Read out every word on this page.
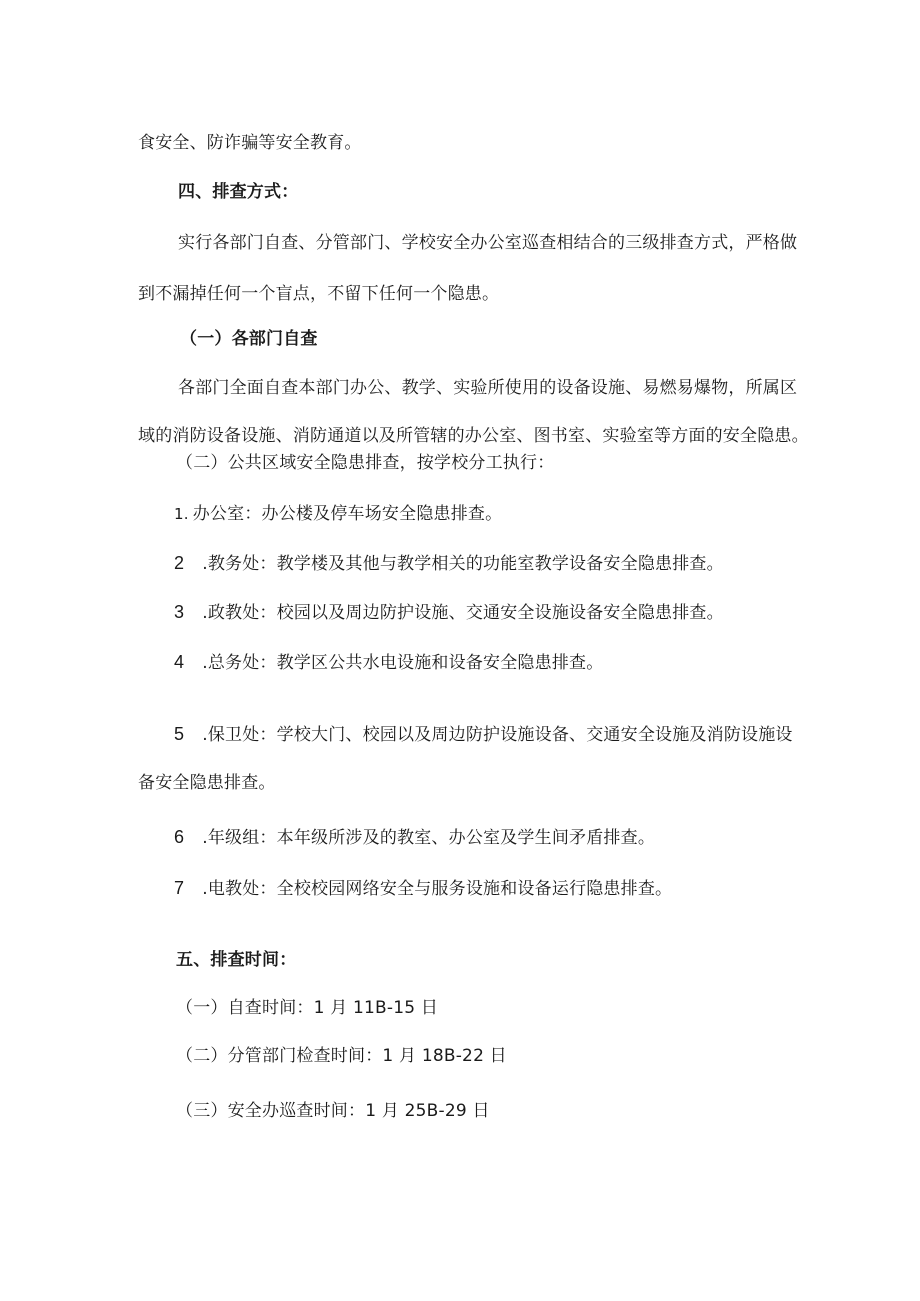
食安全、防诈骗等安全教育。
四、排查方式：
实行各部门自查、分管部门、学校安全办公室巡查相结合的三级排查方式，严格做
到不漏掉任何一个盲点，不留下任何一个隐患。
（一）各部门自查
各部门全面自查本部门办公、教学、实验所使用的设备设施、易燃易爆物，所属区
域的消防设备设施、消防通道以及所管辖的办公室、图书室、实验室等方面的安全隐患。
（二）公共区域安全隐患排查，按学校分工执行：
1. 办公室：办公楼及停车场安全隐患排查。
2 .教务处：教学楼及其他与教学相关的功能室教学设备安全隐患排查。
3 .政教处：校园以及周边防护设施、交通安全设施设备安全隐患排查。
4 .总务处：教学区公共水电设施和设备安全隐患排查。
5 .保卫处：学校大门、校园以及周边防护设施设备、交通安全设施及消防设施设
备安全隐患排查。
6 .年级组：本年级所涉及的教室、办公室及学生间矛盾排查。
7 .电教处：全校校园网络安全与服务设施和设备运行隐患排查。
五、排查时间：
（一）自查时间：1 月 11B-15 日
（二）分管部门检查时间：1 月 18B-22 日
（三）安全办巡查时间：1 月 25B-29 日
